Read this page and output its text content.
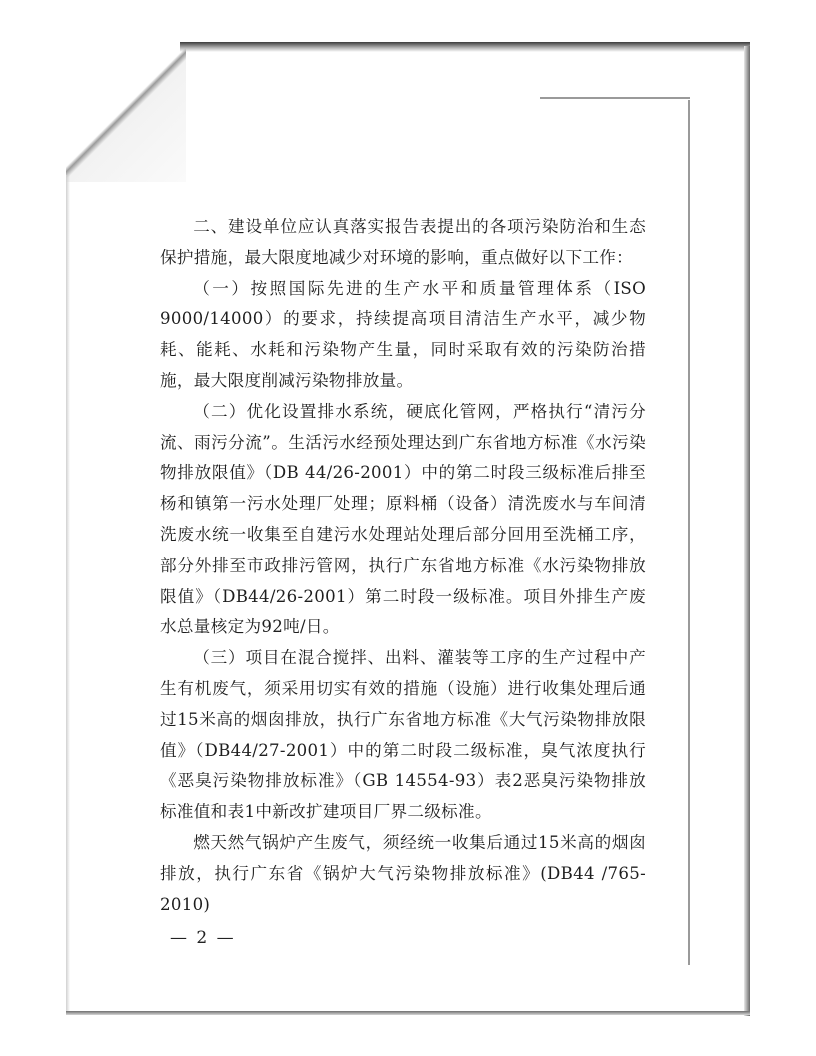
二、建设单位应认真落实报告表提出的各项污染防治和生态保护措施，最大限度地减少对环境的影响，重点做好以下工作：

（一）按照国际先进的生产水平和质量管理体系（ISO 9000/14000）的要求，持续提高项目清洁生产水平，减少物耗、能耗、水耗和污染物产生量，同时采取有效的污染防治措施，最大限度削减污染物排放量。

（二）优化设置排水系统，硬底化管网，严格执行“清污分流、雨污分流”。生活污水经预处理达到广东省地方标准《水污染物排放限值》（DB 44/26-2001）中的第二时段三级标准后排至杨和镇第一污水处理厂处理；原料桶（设备）清洗废水与车间清洗废水统一收集至自建污水处理站处理后部分回用至洗桶工序，部分外排至市政排污管网，执行广东省地方标准《水污染物排放限值》（DB44/26-2001）第二时段一级标准。项目外排生产废水总量核定为92吨/日。

（三）项目在混合搅拌、出料、灌装等工序的生产过程中产生有机废气，须采用切实有效的措施（设施）进行收集处理后通过15米高的烟囱排放，执行广东省地方标准《大气污染物排放限值》（DB44/27-2001）中的第二时段二级标准，臭气浓度执行《恶臭污染物排放标准》（GB 14554-93）表2恶臭污染物排放标准值和表1中新改扩建项目厂界二级标准。

燃天然气锅炉产生废气，须经统一收集后通过15米高的烟囱排放，执行广东省《锅炉大气污染物排放标准》(DB44 /765-2010)

— 2 —
